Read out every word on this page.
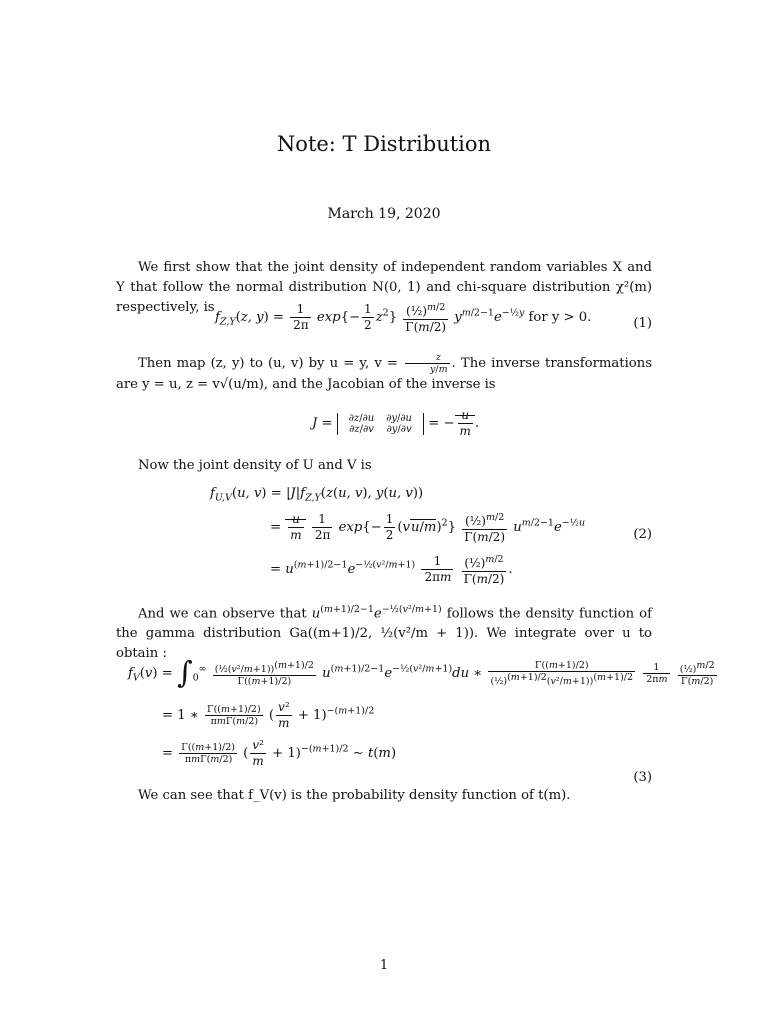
Note: T Distribution
March 19, 2020
We first show that the joint density of independent random variables X and Y that follow the normal distribution N(0, 1) and chi-square distribution χ²(m) respectively, is
$f_{Z,Y}(z$, $y) = \frac{1}{2\pi} \exp\{- \frac{1}{2} z^2\} \frac{(\frac{1}{2})^{m/2}}{\Gamma(m/2)} y^{m/2-1}e^{-\frac{1}{2}y}$ for y > 0.	(1)
Then map (z, y) to (u, v) by u = y, $v = \frac{z}{y/m}$ . The inverse transformations are y = u, z = v√(u/m), and the Jacobian of the inverse is
J = ∂z/∂u	∂y/∂u
∂z/∂v	∂y/∂v = − $\frac{u}{m}$ .
Now the joint density of U and V is
$f_{U,V}(u$, $v) = |J|f_{Z,Y}(z(u$, v), y(u, v))
= $\frac{u}{m}$
$\frac{1}{2\pi} \exp\{- \frac{1}{2} (vu/m)^2\} \frac{(\frac{1}{2})^{m/2}}{\Gamma(m/2)} u^{m/2-1}e^{-\frac{1}{2}u}$
(2)
= $u^{(m+1)/2-1}e^{-\frac{1}{2}(v^2/m+1)} \frac{1}{2\pi m}$
$\frac{(\frac{1}{2})^{m/2}}{\Gamma(m/2)}$ .
And we can observe that $u^{(m+1)/2-1}e^{-\frac{1}{2}(v^2/m+1)}$ follows the density function of the gamma distribution Ga((m+1)/2, ½(v²/m + 1)). We integrate over u to obtain :
$f_V(v) = \int_0^\infty \frac{(\frac{1}{2}(v^2/m+1))^{(m+1)/2}}{\Gamma((m+1)/2)} u^{(m+1)/2-1}e^{-\frac{1}{2}(v^2/m+1)}du$ ∗ $\frac{\Gamma((m+1)/2)}{(\frac{1}{2})^{(m+1)/2}(v^2/m+1))^{(m+1)/2}}$
$\frac{1}{2\pi m}$
$\frac{(\frac{1}{2})^{m/2}}{\Gamma(m/2)}$
= 1 ∗ $\frac{\Gamma((m+1)/2)}{\text{πmΓ(m/2)}}$ ( $\frac{\text{v²}}{m} + 1)^{-(m+1)/2}$
= $\frac{\Gamma((m+1)/2)}{\text{πmΓ(m/2)}}$ ( $\frac{\text{v²}}{m} + 1)^{-(m+1)/2}$ ∼ t(m)
(3)
We can see that f_V(v) is the probability density function of t(m).
1
